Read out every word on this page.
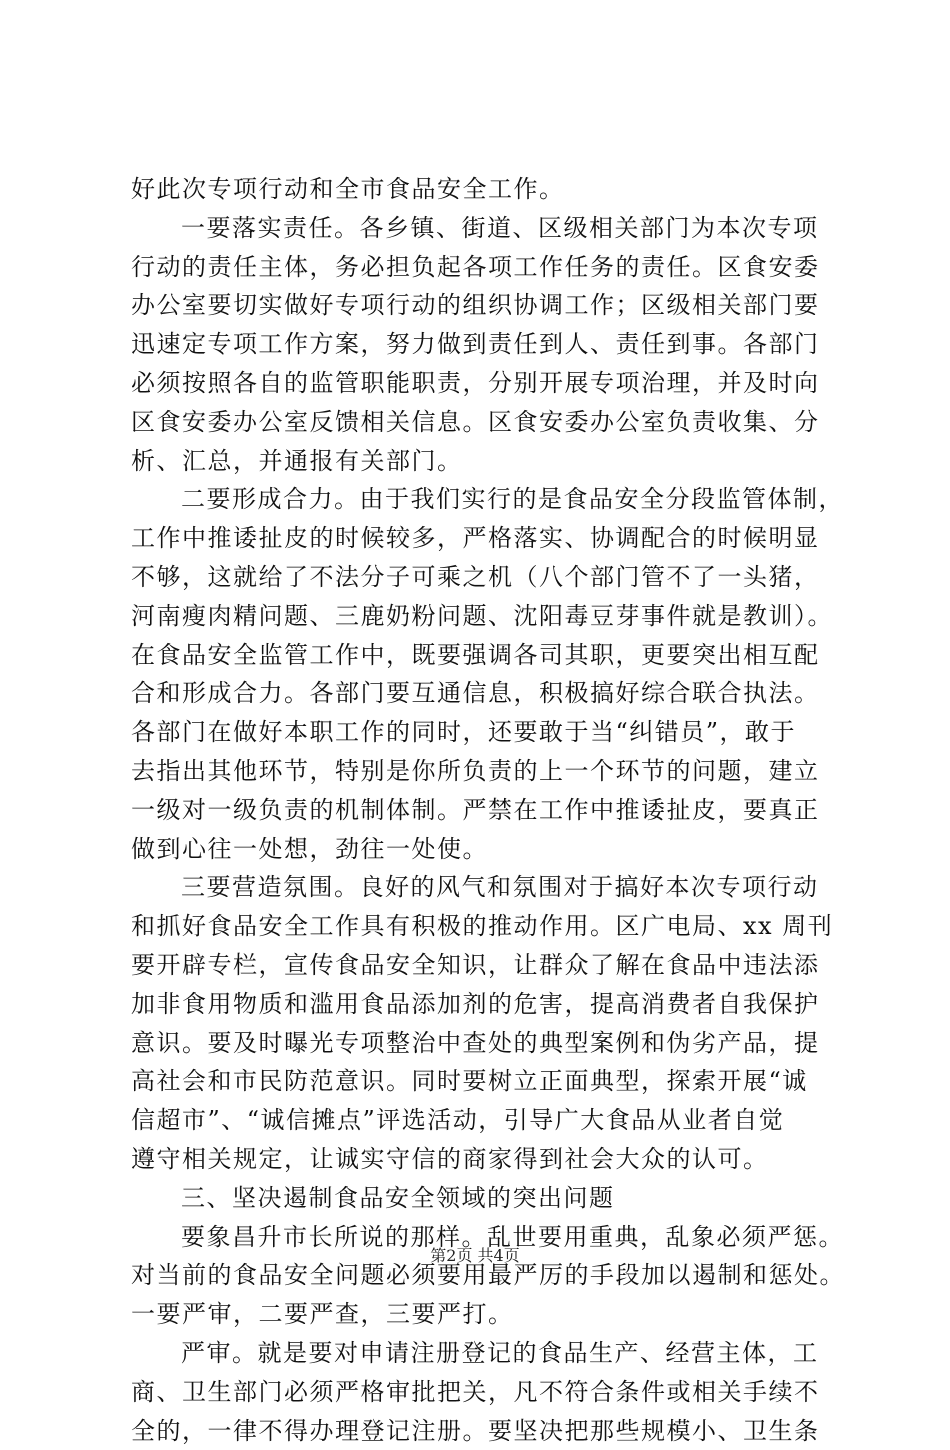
好此次专项行动和全市食品安全工作。
一要落实责任。各乡镇、街道、区级相关部门为本次专项
行动的责任主体，务必担负起各项工作任务的责任。区食安委
办公室要切实做好专项行动的组织协调工作；区级相关部门要
迅速定专项工作方案，努力做到责任到人、责任到事。各部门
必须按照各自的监管职能职责，分别开展专项治理，并及时向
区食安委办公室反馈相关信息。区食安委办公室负责收集、分
析、汇总，并通报有关部门。
二要形成合力。由于我们实行的是食品安全分段监管体制，
工作中推诿扯皮的时候较多，严格落实、协调配合的时候明显
不够，这就给了不法分子可乘之机（八个部门管不了一头猪，
河南瘦肉精问题、三鹿奶粉问题、沈阳毒豆芽事件就是教训）。
在食品安全监管工作中，既要强调各司其职，更要突出相互配
合和形成合力。各部门要互通信息，积极搞好综合联合执法。
各部门在做好本职工作的同时，还要敢于当“纠错员”，敢于
去指出其他环节，特别是你所负责的上一个环节的问题，建立
一级对一级负责的机制体制。严禁在工作中推诿扯皮，要真正
做到心往一处想，劲往一处使。
三要营造氛围。良好的风气和氛围对于搞好本次专项行动
和抓好食品安全工作具有积极的推动作用。区广电局、xx 周刊
要开辟专栏，宣传食品安全知识，让群众了解在食品中违法添
加非食用物质和滥用食品添加剂的危害，提高消费者自我保护
意识。要及时曝光专项整治中查处的典型案例和伪劣产品，提
高社会和市民防范意识。同时要树立正面典型，探索开展“诚
信超市”、“诚信摊点”评选活动，引导广大食品从业者自觉
遵守相关规定，让诚实守信的商家得到社会大众的认可。
三、坚决遏制食品安全领域的突出问题
要象昌升市长所说的那样。乱世要用重典，乱象必须严惩。
对当前的食品安全问题必须要用最严厉的手段加以遏制和惩处。
一要严审，二要严查，三要严打。
严审。就是要对申请注册登记的食品生产、经营主体，工
商、卫生部门必须严格审批把关，凡不符合条件或相关手续不
全的，一律不得办理登记注册。要坚决把那些规模小、卫生条
第2页 共4页
